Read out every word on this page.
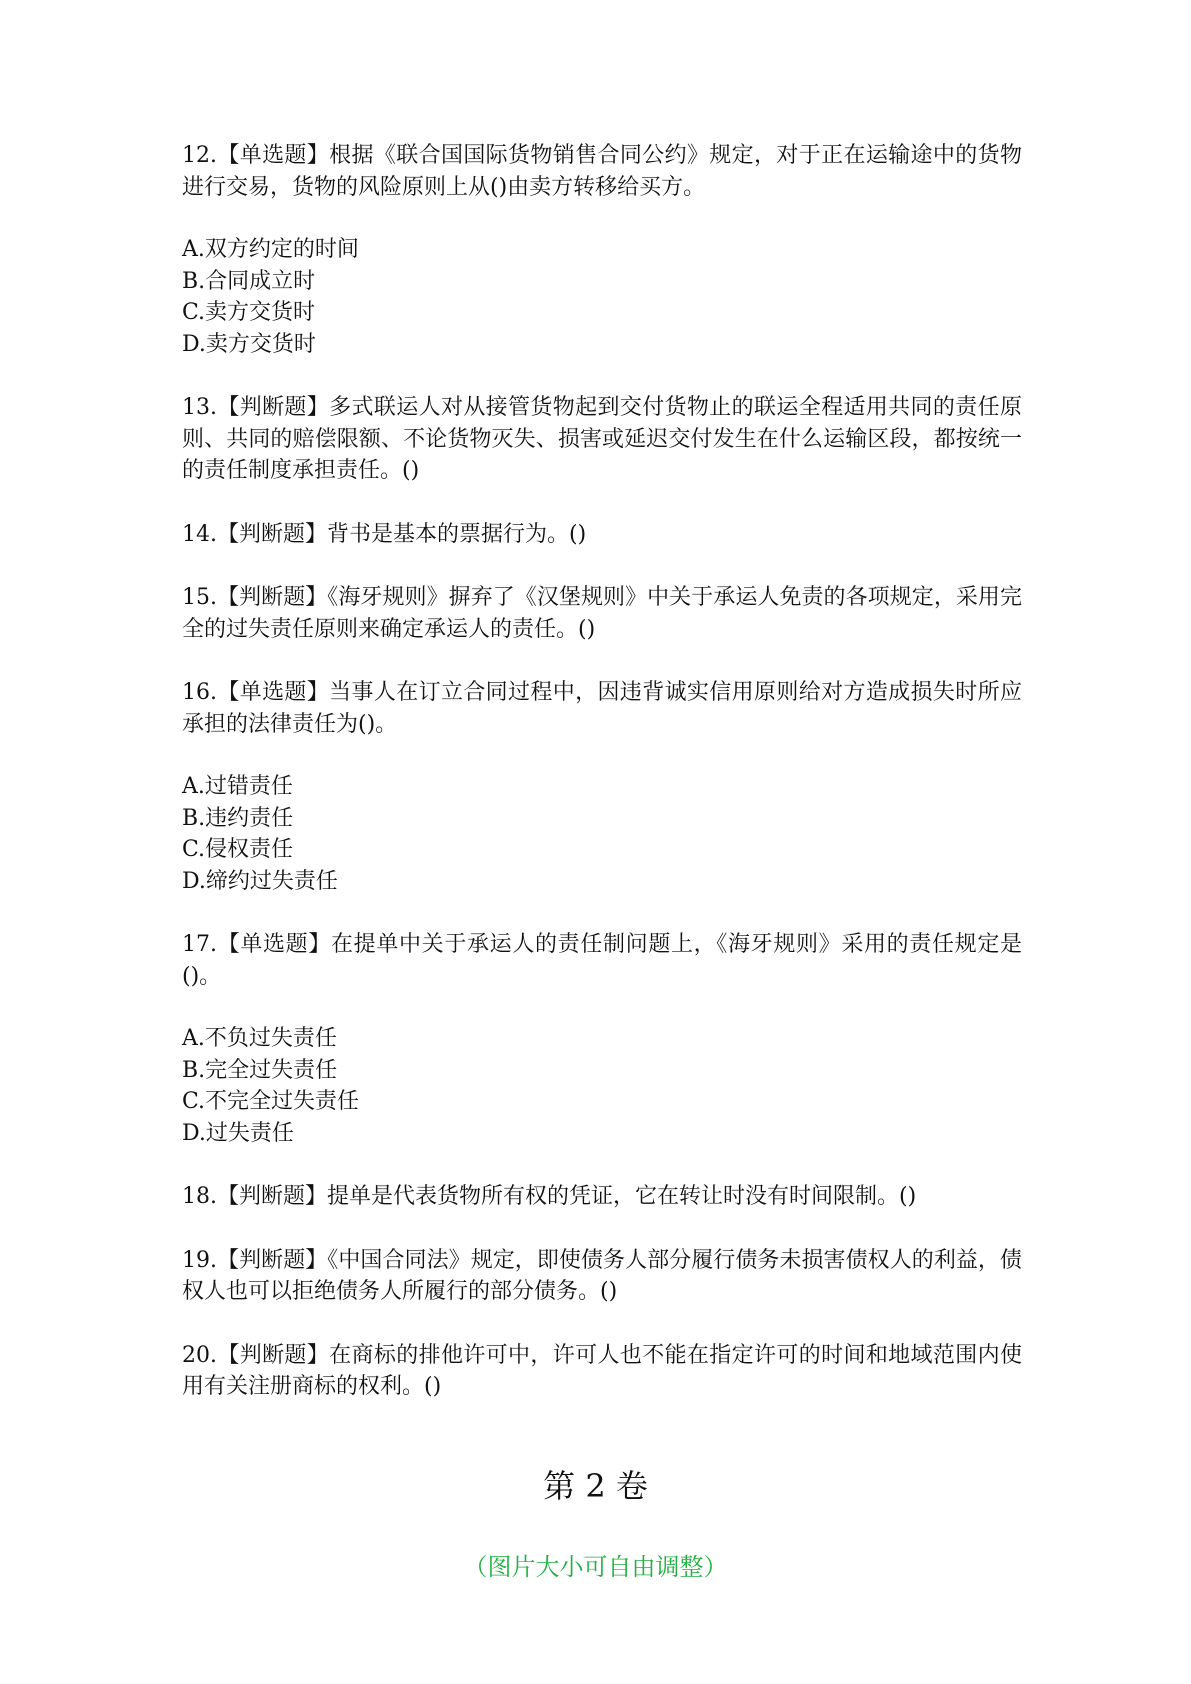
12.【单选题】根据《联合国国际货物销售合同公约》规定，对于正在运输途中的货物进行交易，货物的风险原则上从()由卖方转移给买方。

A.双方约定的时间
B.合同成立时
C.卖方交货时
D.卖方交货时

13.【判断题】多式联运人对从接管货物起到交付货物止的联运全程适用共同的责任原则、共同的赔偿限额、不论货物灭失、损害或延迟交付发生在什么运输区段，都按统一的责任制度承担责任。()

14.【判断题】背书是基本的票据行为。()

15.【判断题】《海牙规则》摒弃了《汉堡规则》中关于承运人免责的各项规定，采用完全的过失责任原则来确定承运人的责任。()

16.【单选题】当事人在订立合同过程中，因违背诚实信用原则给对方造成损失时所应承担的法律责任为()。

A.过错责任
B.违约责任
C.侵权责任
D.缔约过失责任

17.【单选题】在提单中关于承运人的责任制问题上，《海牙规则》采用的责任规定是()。

A.不负过失责任
B.完全过失责任
C.不完全过失责任
D.过失责任

18.【判断题】提单是代表货物所有权的凭证，它在转让时没有时间限制。()

19.【判断题】《中国合同法》规定，即使债务人部分履行债务未损害债权人的利益，债权人也可以拒绝债务人所履行的部分债务。()

20.【判断题】在商标的排他许可中，许可人也不能在指定许可的时间和地域范围内使用有关注册商标的权利。()

第 2 卷
（图片大小可自由调整）
